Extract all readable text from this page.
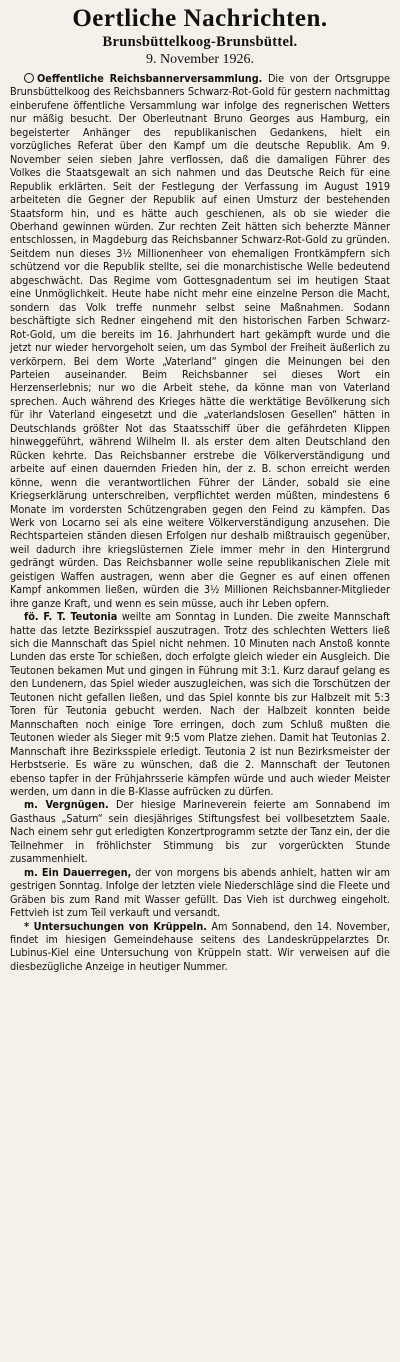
Oertliche Nachrichten.
Brunsbüttelkoog-Brunsbüttel.
9. November 1926.

Oeffentliche Reichsbannerversammlung. Die von der Ortsgruppe Brunsbüttelkoog des Reichsbanners Schwarz-Rot-Gold für gestern nachmittag einberufene öffentliche Versammlung war infolge des regnerischen Wetters nur mäßig besucht. Der Oberleutnant Bruno Georges aus Hamburg, ein begeisterter Anhänger des republikanischen Gedankens, hielt ein vorzügliches Referat über den Kampf um die deutsche Republik. Am 9. November seien sieben Jahre verflossen, daß die damaligen Führer des Volkes die Staatsgewalt an sich nahmen und das Deutsche Reich für eine Republik erklärten. Seit der Festlegung der Verfassung im August 1919 arbeiteten die Gegner der Republik auf einen Umsturz der bestehenden Staatsform hin, und es hätte auch geschienen, als ob sie wieder die Oberhand gewinnen würden. Zur rechten Zeit hätten sich beherzte Männer entschlossen, in Magdeburg das Reichsbanner Schwarz-Rot-Gold zu gründen. Seitdem nun dieses 3½ Millionenheer von ehemaligen Frontkämpfern sich schützend vor die Republik stellte, sei die monarchistische Welle bedeutend abgeschwächt. Das Regime vom Gottesgnadentum sei im heutigen Staat eine Unmöglichkeit. Heute habe nicht mehr eine einzelne Person die Macht, sondern das Volk treffe nunmehr selbst seine Maßnahmen. Sodann beschäftigte sich Redner eingehend mit den historischen Farben Schwarz-Rot-Gold, um die bereits im 16. Jahrhundert hart gekämpft wurde und die jetzt nur wieder hervorgeholt seien, um das Symbol der Freiheit äußerlich zu verkörpern. Bei dem Worte „Vaterland“ gingen die Meinungen bei den Parteien auseinander. Beim Reichsbanner sei dieses Wort ein Herzenserlebnis; nur wo die Arbeit stehe, da könne man von Vaterland sprechen. Auch während des Krieges hätte die werktätige Bevölkerung sich für ihr Vaterland eingesetzt und die „vaterlandslosen Gesellen“ hätten in Deutschlands größter Not das Staatsschiff über die gefährdeten Klippen hinweggeführt, während Wilhelm II. als erster dem alten Deutschland den Rücken kehrte. Das Reichsbanner erstrebe die Völkerverständigung und arbeite auf einen dauernden Frieden hin, der z. B. schon erreicht werden könne, wenn die verantwortlichen Führer der Länder, sobald sie eine Kriegserklärung unterschreiben, verpflichtet werden müßten, mindestens 6 Monate im vordersten Schützengraben gegen den Feind zu kämpfen. Das Werk von Locarno sei als eine weitere Völkerverständigung anzusehen. Die Rechtsparteien ständen diesen Erfolgen nur deshalb mißtrauisch gegenüber, weil dadurch ihre kriegslüsternen Ziele immer mehr in den Hintergrund gedrängt würden. Das Reichsbanner wolle seine republikanischen Ziele mit geistigen Waffen austragen, wenn aber die Gegner es auf einen offenen Kampf ankommen ließen, würden die 3½ Millionen Reichsbanner-Mitglieder ihre ganze Kraft, und wenn es sein müsse, auch ihr Leben opfern.

fö. F. T. Teutonia weilte am Sonntag in Lunden. Die zweite Mannschaft hatte das letzte Bezirksspiel auszutragen. Trotz des schlechten Wetters ließ sich die Mannschaft das Spiel nicht nehmen. 10 Minuten nach Anstoß konnte Lunden das erste Tor schießen, doch erfolgte gleich wieder ein Ausgleich. Die Teutonen bekamen Mut und gingen in Führung mit 3:1. Kurz darauf gelang es den Lundenern, das Spiel wieder auszugleichen, was sich die Torschützen der Teutonen nicht gefallen ließen, und das Spiel konnte bis zur Halbzeit mit 5:3 Toren für Teutonia gebucht werden. Nach der Halbzeit konnten beide Mannschaften noch einige Tore erringen, doch zum Schluß mußten die Teutonen wieder als Sieger mit 9:5 vom Platze ziehen. Damit hat Teutonias 2. Mannschaft ihre Bezirksspiele erledigt. Teutonia 2 ist nun Bezirksmeister der Herbstserie. Es wäre zu wünschen, daß die 2. Mannschaft der Teutonen ebenso tapfer in der Frühjahrsserie kämpfen würde und auch wieder Meister werden, um dann in die B-Klasse aufrücken zu dürfen.

m. Vergnügen. Der hiesige Marineverein feierte am Sonnabend im Gasthaus „Saturn“ sein diesjähriges Stiftungsfest bei vollbesetztem Saale. Nach einem sehr gut erledigten Konzertprogramm setzte der Tanz ein, der die Teilnehmer in fröhlichster Stimmung bis zur vorgerückten Stunde zusammenhielt.

m. Ein Dauerregen, der von morgens bis abends anhielt, hatten wir am gestrigen Sonntag. Infolge der letzten viele Niederschläge sind die Fleete und Gräben bis zum Rand mit Wasser gefüllt. Das Vieh ist durchweg eingeholt. Fettvieh ist zum Teil verkauft und versandt.

* Untersuchungen von Krüppeln. Am Sonnabend, den 14. November, findet im hiesigen Gemeindehause seitens des Landeskrüppelarztes Dr. Lubinus-Kiel eine Untersuchung von Krüppeln statt. Wir verweisen auf die diesbezügliche Anzeige in heutiger Nummer.
